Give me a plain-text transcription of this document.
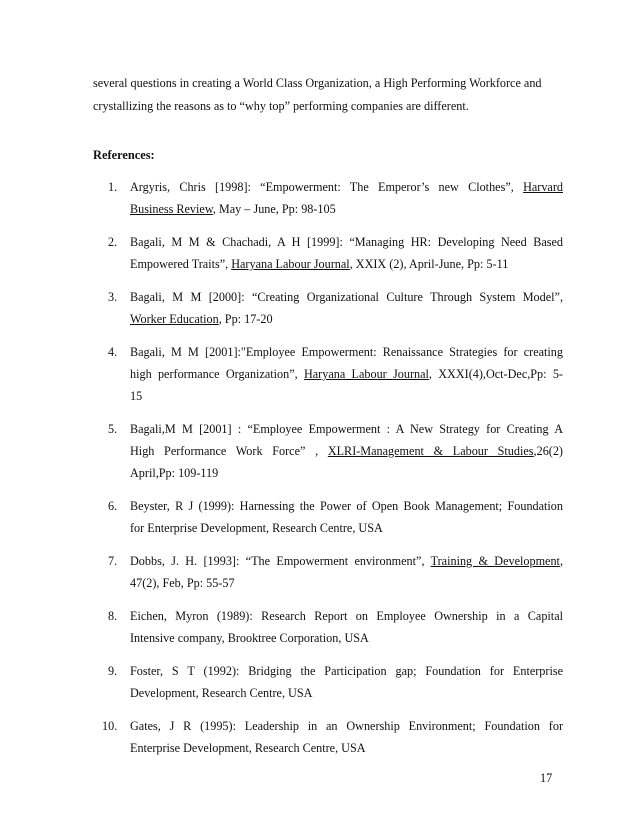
several questions in creating a World Class Organization, a High Performing Workforce and

crystallizing the reasons as to “why top” performing companies are different.

References:

1. Argyris, Chris [1998]: “Empowerment: The Emperor’s new Clothes”, Harvard
Business Review, May – June, Pp: 98-105
2. Bagali, M M & Chachadi, A H [1999]: “Managing HR: Developing Need Based
Empowered Traits”, Haryana Labour Journal, XXIX (2), April-June, Pp: 5-11
3. Bagali, M M [2000]: “Creating Organizational Culture Through System Model”,
Worker Education, Pp: 17-20
4. Bagali, M M [2001]:"Employee Empowerment: Renaissance Strategies for creating
high performance Organization”, Haryana Labour Journal, XXXI(4),Oct-Dec,Pp: 5-
15
5. Bagali,M M [2001] : “Employee Empowerment : A New Strategy for Creating A
High Performance Work Force” , XLRI-Management & Labour Studies,26(2)
April,Pp: 109-119
6. Beyster, R J (1999): Harnessing the Power of Open Book Management; Foundation
for Enterprise Development, Research Centre, USA
7. Dobbs, J. H. [1993]: “The Empowerment environment”, Training & Development,
47(2), Feb, Pp: 55-57
8. Eichen, Myron (1989): Research Report on Employee Ownership in a Capital
Intensive company, Brooktree Corporation, USA
9. Foster, S T (1992): Bridging the Participation gap; Foundation for Enterprise
Development, Research Centre, USA
10. Gates, J R (1995): Leadership in an Ownership Environment; Foundation for
Enterprise Development, Research Centre, USA
17
